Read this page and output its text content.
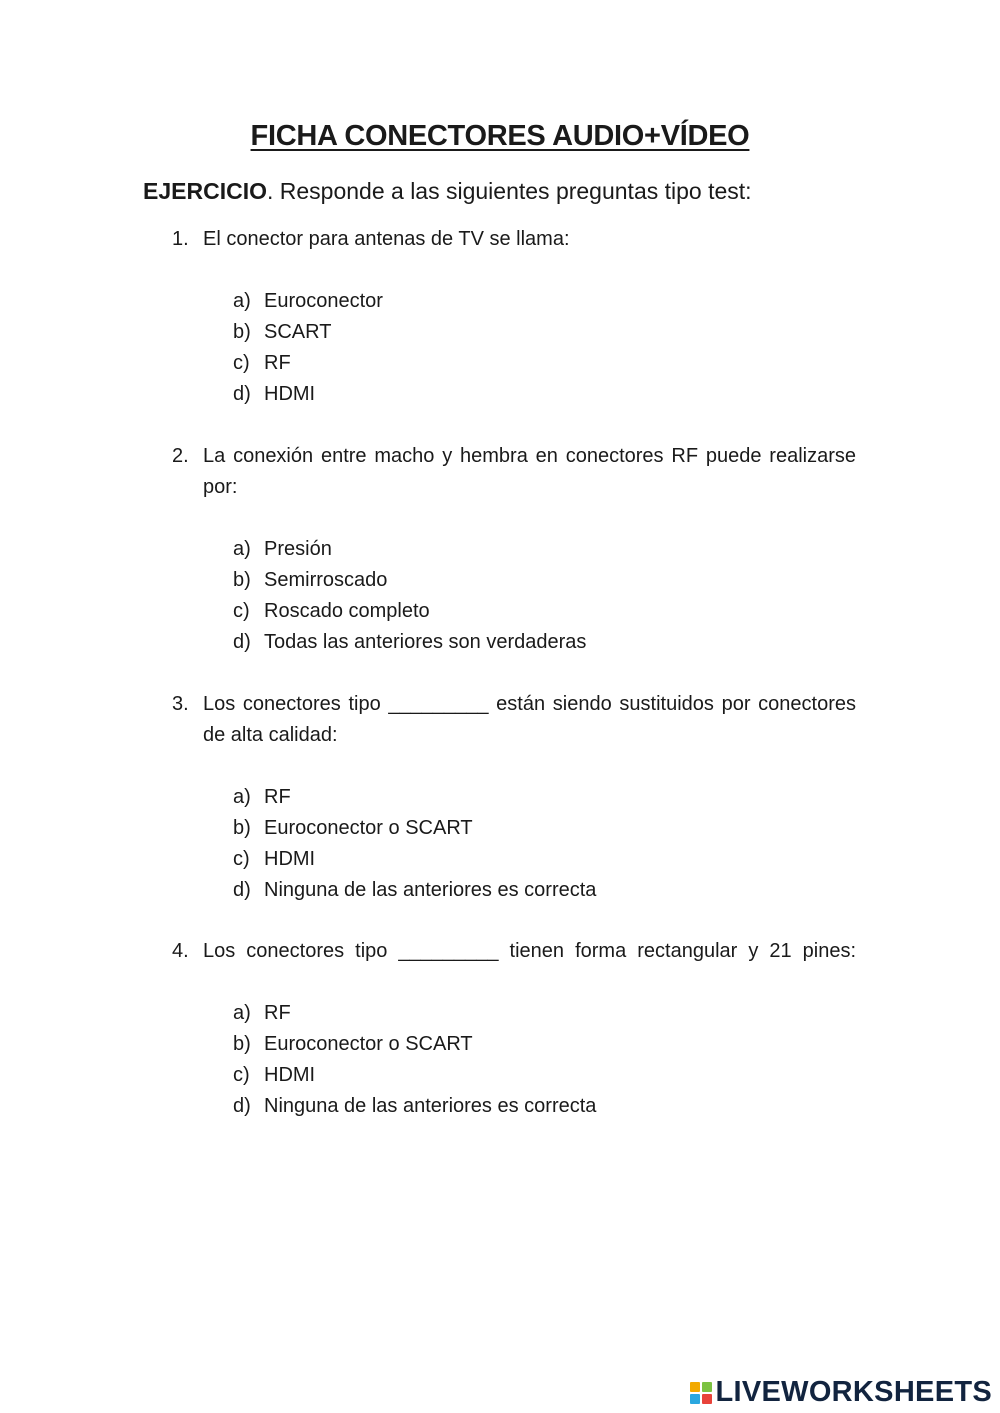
FICHA CONECTORES AUDIO+VÍDEO
EJERCICIO. Responde a las siguientes preguntas tipo test:
1. El conector para antenas de TV se llama:
a) Euroconector
b) SCART
c) RF
d) HDMI
2. La conexión entre macho y hembra en conectores RF puede realizarse por:
a) Presión
b) Semirroscado
c) Roscado completo
d) Todas las anteriores son verdaderas
3. Los conectores tipo _________ están siendo sustituidos por conectores de alta calidad:
a) RF
b) Euroconector o SCART
c) HDMI
d) Ninguna de las anteriores es correcta
4. Los conectores tipo _________ tienen forma rectangular y 21 pines:
a) RF
b) Euroconector o SCART
c) HDMI
d) Ninguna de las anteriores es correcta
LIVEWORKSHEETS
